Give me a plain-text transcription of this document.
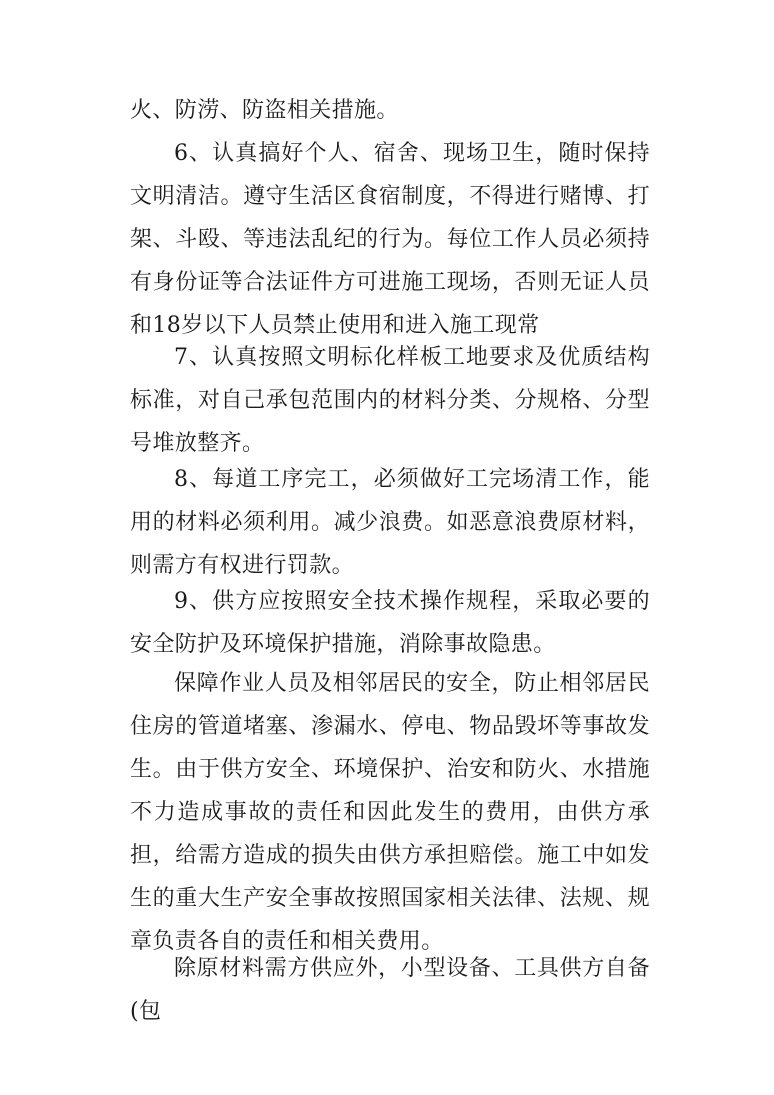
火、防涝、防盗相关措施。

6、认真搞好个人、宿舍、现场卫生，随时保持文明清洁。遵守生活区食宿制度，不得进行赌博、打架、斗殴、等违法乱纪的行为。每位工作人员必须持有身份证等合法证件方可进施工现场，否则无证人员和18岁以下人员禁止使用和进入施工现常

7、认真按照文明标化样板工地要求及优质结构标准，对自己承包范围内的材料分类、分规格、分型号堆放整齐。

8、每道工序完工，必须做好工完场清工作，能用的材料必须利用。减少浪费。如恶意浪费原材料，则需方有权进行罚款。

9、供方应按照安全技术操作规程，采取必要的安全防护及环境保护措施，消除事故隐患。

保障作业人员及相邻居民的安全，防止相邻居民住房的管道堵塞、渗漏水、停电、物品毁坏等事故发生。由于供方安全、环境保护、治安和防火、水措施不力造成事故的责任和因此发生的费用，由供方承担，给需方造成的损失由供方承担赔偿。施工中如发生的重大生产安全事故按照国家相关法律、法规、规章负责各自的责任和相关费用。

除原材料需方供应外，小型设备、工具供方自备(包
